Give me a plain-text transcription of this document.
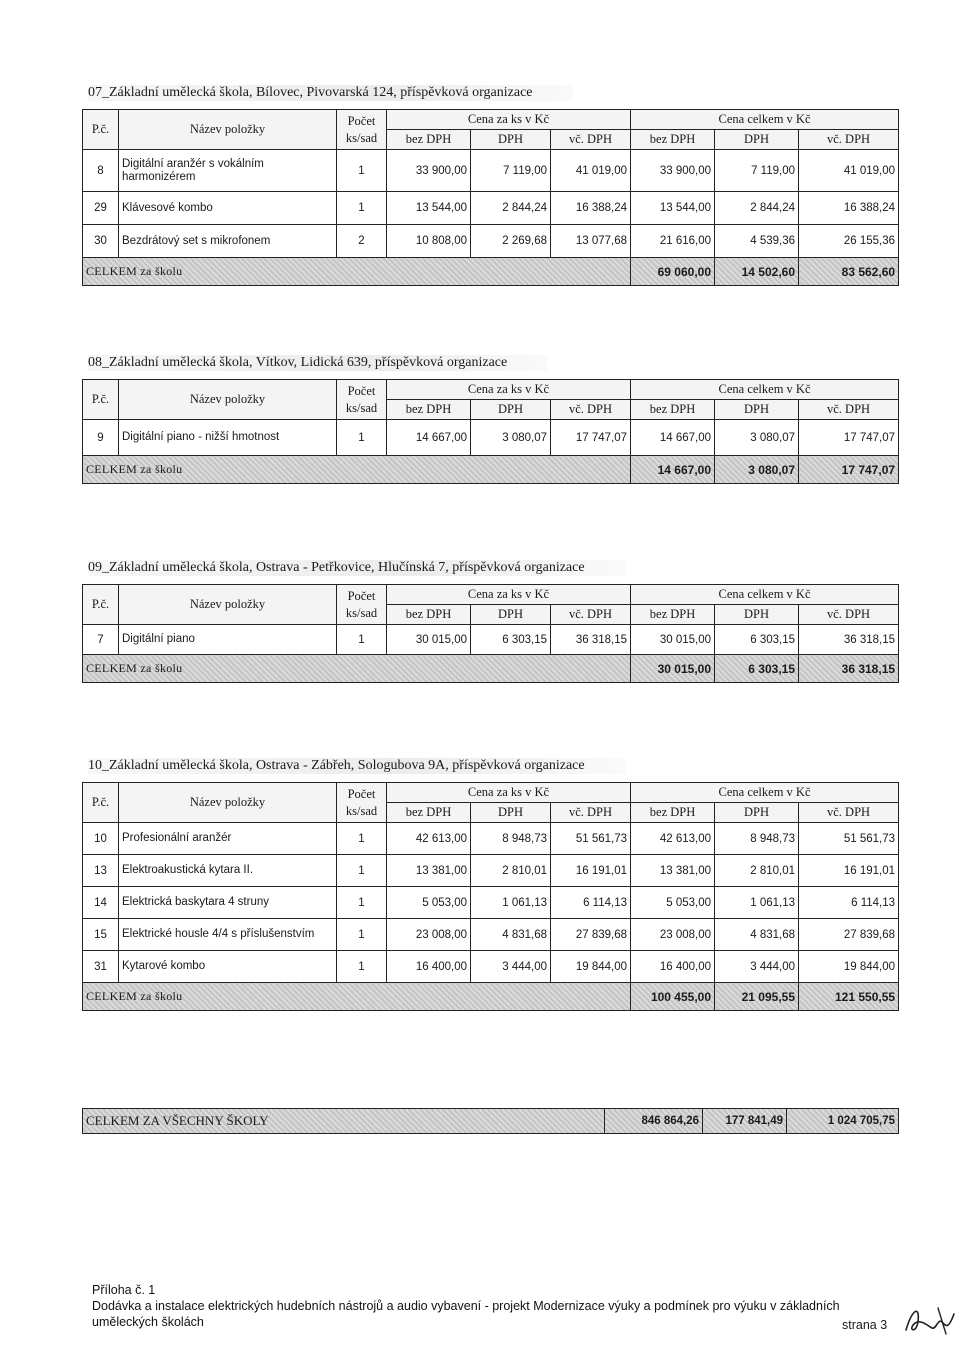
07_Základní umělecká škola, Bílovec, Pivovarská 124, příspěvková organizace
P.č.	Název položky	Počet
ks/sad	Cena za ks v Kč			Cena celkem v Kč		
			bez DPH	DPH	vč. DPH	bez DPH	DPH	vč. DPH
8	Digitální aranžér s vokálním harmonizérem	1	33 900,00	7 119,00	41 019,00	33 900,00	7 119,00	41 019,00
29	Klávesové kombo	1	13 544,00	2 844,24	16 388,24	13 544,00	2 844,24	16 388,24
30	Bezdrátový set s mikrofonem	2	10 808,00	2 269,68	13 077,68	21 616,00	4 539,36	26 155,36
CELKEM za školu						69 060,00	14 502,60	83 562,60
08_Základní umělecká škola, Vítkov, Lidická 639, příspěvková organizace
P.č.	Název položky	Počet
ks/sad	Cena za ks v Kč			Cena celkem v Kč		
			bez DPH	DPH	vč. DPH	bez DPH	DPH	vč. DPH
9	Digitální piano - nižší hmotnost	1	14 667,00	3 080,07	17 747,07	14 667,00	3 080,07	17 747,07
CELKEM za školu						14 667,00	3 080,07	17 747,07
09_Základní umělecká škola, Ostrava - Petřkovice, Hlučínská 7, příspěvková organizace
P.č.	Název položky	Počet
ks/sad	Cena za ks v Kč			Cena celkem v Kč		
			bez DPH	DPH	vč. DPH	bez DPH	DPH	vč. DPH
7	Digitální piano	1	30 015,00	6 303,15	36 318,15	30 015,00	6 303,15	36 318,15
CELKEM za školu						30 015,00	6 303,15	36 318,15
10_Základní umělecká škola, Ostrava - Zábřeh, Sologubova 9A, příspěvková organizace
P.č.	Název položky	Počet
ks/sad	Cena za ks v Kč			Cena celkem v Kč		
			bez DPH	DPH	vč. DPH	bez DPH	DPH	vč. DPH
10	Profesionální aranžér	1	42 613,00	8 948,73	51 561,73	42 613,00	8 948,73	51 561,73
13	Elektroakustická kytara II.	1	13 381,00	2 810,01	16 191,01	13 381,00	2 810,01	16 191,01
14	Elektrická baskytara 4 struny	1	5 053,00	1 061,13	6 114,13	5 053,00	1 061,13	6 114,13
15	Elektrické housle 4/4 s příslušenstvím	1	23 008,00	4 831,68	27 839,68	23 008,00	4 831,68	27 839,68
31	Kytarové kombo	1	16 400,00	3 444,00	19 844,00	16 400,00	3 444,00	19 844,00
CELKEM za školu						100 455,00	21 095,55	121 550,55
CELKEM ZA VŠECHNY ŠKOLY	846 864,26	177 841,49	1 024 705,75
Příloha č. 1
Dodávka a instalace elektrických hudebních nástrojů a audio vybavení - projekt Modernizace výuky a podmínek pro výuku v základních uměleckých školách	strana 3
